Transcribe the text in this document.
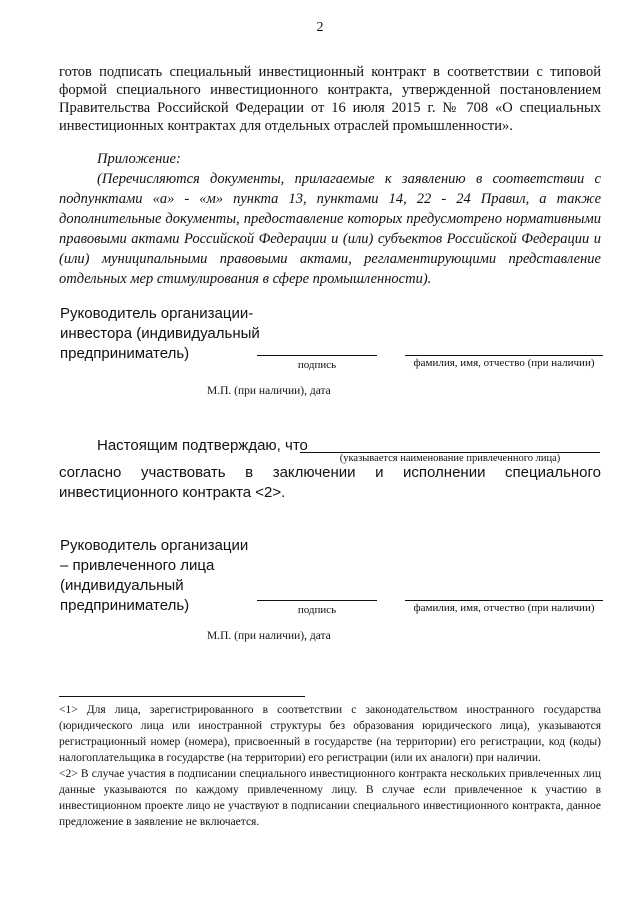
2
готов подписать специальный инвестиционный контракт в соответствии с типовой формой специального инвестиционного контракта, утвержденной постановлением Правительства Российской Федерации от 16 июля 2015 г. № 708 «О специальных инвестиционных контрактах для отдельных отраслей промышленности».
Приложение:
(Перечисляются документы, прилагаемые к заявлению в соответствии с подпунктами «а» - «м» пункта 13, пунктами 14, 22 - 24 Правил, а также дополнительные документы, предоставление которых предусмотрено нормативными правовыми актами Российской Федерации и (или) субъектов Российской Федерации и (или) муниципальными правовыми актами, регламентирующими представление отдельных мер стимулирования в сфере промышленности).
Руководитель организации-инвестора (индивидуальный предприниматель)
подпись	фамилия, имя, отчество (при наличии)
М.П. (при наличии), дата
Настоящим подтверждаю, что
(указывается наименование привлеченного лица)
согласно участвовать в заключении и исполнении специального инвестиционного контракта <2>.
Руководитель организации – привлеченного лица (индивидуальный предприниматель)	подпись	фамилия, имя, отчество (при наличии)
М.П. (при наличии), дата

<1> Для лица, зарегистрированного в соответствии с законодательством иностранного государства (юридического лица или иностранной структуры без образования юридического лица), указываются регистрационный номер (номера), присвоенный в государстве (на территории) его регистрации, код (коды) налогоплательщика в государстве (на территории) его регистрации (или их аналоги) при наличии.

<2> В случае участия в подписании специального инвестиционного контракта нескольких привлеченных лиц данные указываются по каждому привлеченному лицу. В случае если привлеченное к участию в инвестиционном проекте лицо не участвуют в подписании специального инвестиционного контракта, данное предложение в заявление не включается.
